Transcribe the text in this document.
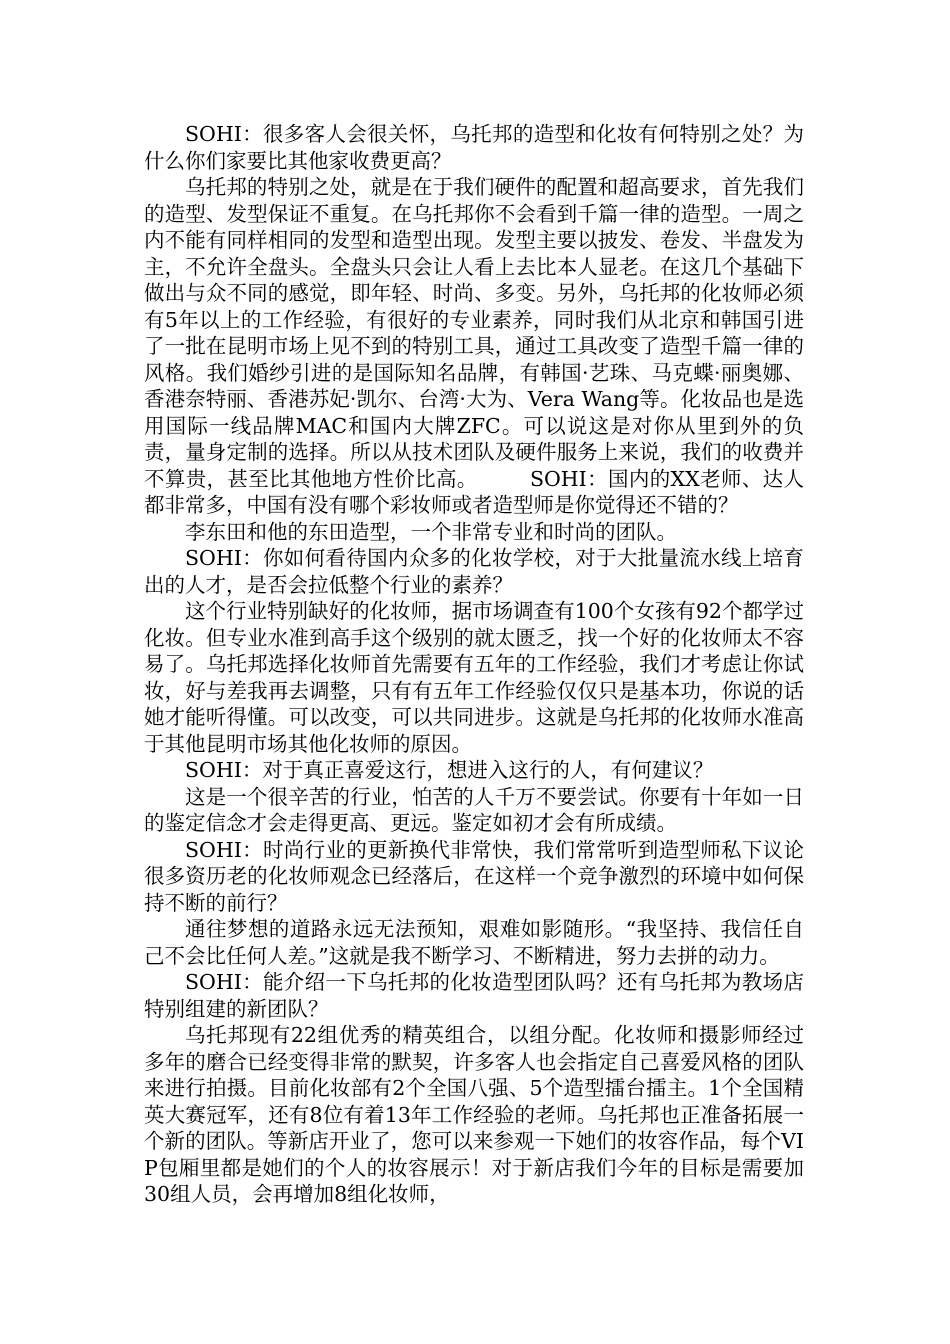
SOHI：很多客人会很关怀，乌托邦的造型和化妆有何特别之处？为什么你们家要比其他家收费更高？

乌托邦的特别之处，就是在于我们硬件的配置和超高要求，首先我们的造型、发型保证不重复。在乌托邦你不会看到千篇一律的造型。一周之内不能有同样相同的发型和造型出现。发型主要以披发、卷发、半盘发为主，不允许全盘头。全盘头只会让人看上去比本人显老。在这几个基础下做出与众不同的感觉，即年轻、时尚、多变。另外，乌托邦的化妆师必须有5年以上的工作经验，有很好的专业素养，同时我们从北京和韩国引进了一批在昆明市场上见不到的特别工具，通过工具改变了造型千篇一律的风格。我们婚纱引进的是国际知名品牌，有韩国·艺珠、马克蝶·丽奥娜、香港奈特丽、香港苏妃·凯尔、台湾·大为、Vera Wang等。化妆品也是选用国际一线品牌MAC和国内大牌ZFC。可以说这是对你从里到外的负责，量身定制的选择。所以从技术团队及硬件服务上来说，我们的收费并不算贵，甚至比其他地方性价比高。　　　SOHI：国内的XX老师、达人都非常多，中国有没有哪个彩妆师或者造型师是你觉得还不错的？

李东田和他的东田造型，一个非常专业和时尚的团队。

SOHI：你如何看待国内众多的化妆学校，对于大批量流水线上培育出的人才，是否会拉低整个行业的素养？

这个行业特别缺好的化妆师，据市场调查有100个女孩有92个都学过化妆。但专业水准到高手这个级别的就太匮乏，找一个好的化妆师太不容易了。乌托邦选择化妆师首先需要有五年的工作经验，我们才考虑让你试妆，好与差我再去调整，只有有五年工作经验仅仅只是基本功，你说的话她才能听得懂。可以改变，可以共同进步。这就是乌托邦的化妆师水准高于其他昆明市场其他化妆师的原因。

SOHI：对于真正喜爱这行，想进入这行的人，有何建议？

这是一个很辛苦的行业，怕苦的人千万不要尝试。你要有十年如一日的鉴定信念才会走得更高、更远。鉴定如初才会有所成绩。

SOHI：时尚行业的更新换代非常快，我们常常听到造型师私下议论很多资历老的化妆师观念已经落后，在这样一个竞争激烈的环境中如何保持不断的前行？

通往梦想的道路永远无法预知，艰难如影随形。“我坚持、我信任自己不会比任何人差。”这就是我不断学习、不断精进，努力去拼的动力。

SOHI：能介绍一下乌托邦的化妆造型团队吗？还有乌托邦为教场店特别组建的新团队？

乌托邦现有22组优秀的精英组合，以组分配。化妆师和摄影师经过多年的磨合已经变得非常的默契，许多客人也会指定自己喜爱风格的团队来进行拍摄。目前化妆部有2个全国八强、5个造型擂台擂主。1个全国精英大赛冠军，还有8位有着13年工作经验的老师。乌托邦也正准备拓展一个新的团队。等新店开业了，您可以来参观一下她们的妆容作品，每个VIP包厢里都是她们的个人的妆容展示！对于新店我们今年的目标是需要加30组人员，会再增加8组化妆师，
